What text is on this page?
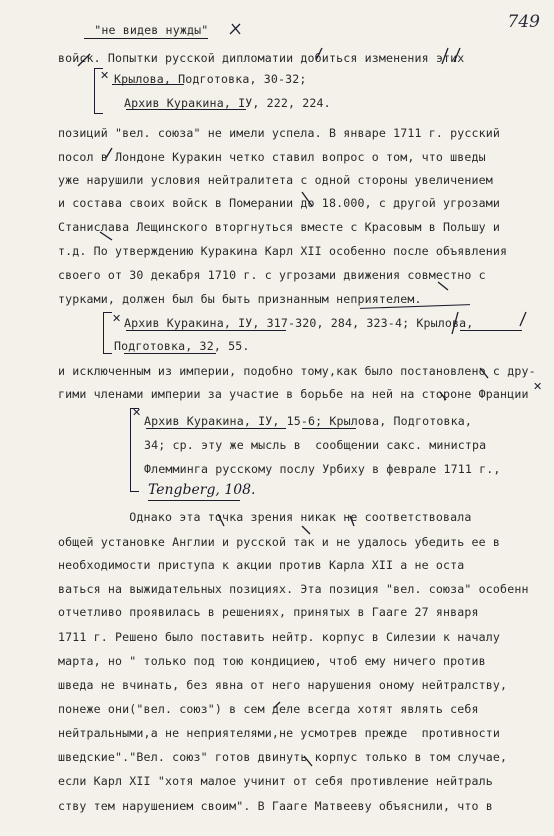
749
"не видев нужды"
войск. Попытки русской дипломатии добиться изменения этих
✕ Крылова, Подготовка, 30-32;
Архив Куракина, IУ, 222, 224.
позиций "вел. союза" не имели успела. В январе 1711 г. русский
посол в Лондоне Куракин четко ставил вопрос о том, что шведы
уже нарушили условия нейтралитета с одной стороны увеличением
и состава своих войск в Померании до 18.000, с другой угрозами
Станислава Лещинского вторгнуться вместе с Красовым в Польшу и
т.д. По утверждению Куракина Карл XII особенно после объявления
своего от 30 декабря 1710 г. с угрозами движения совместно с
турками, должен был бы быть признанным неприятелем.
✕ Архив Куракина, IУ, 317-320, 284, 323-4; Крылова,
Подготовка, 32, 55.
и исключенным из империи, подобно тому,как было постановлено с дру-
гими членами империи за участие в борьбе на ней на стороне Франции
✕
✕
Архив Куракина, IУ, 15-6; Крылова, Подготовка,
34; ср. эту же мысль в  сообщении сакс. министра
Флемминга русскому послу Урбиху в феврале 1711 г.,
Tengberg, 108.
Однако эта точка зрения никак не соответствовала
общей установке Англии и русской так и не удалось убедить ее в
необходимости приступа к акции против Карла XII а не оста
ваться на выжидательных позициях. Эта позиция "вел. союза" особенн
отчетливо проявилась в решениях, принятых в Гааге 27 января
1711 г. Решено было поставить нейтр. корпус в Силезии к началу
марта, но " только под тою кондициею, чтоб ему ничего против
шведа не вчинать, без явна от него нарушения оному нейтралству,
понеже они("вел. союз") в сем деле всегда хотят являть себя
нейтральными,а не неприятелями,не усмотрев прежде  противности
шведские"."Вел. союз" готов двинуть корпус только в том случае,
если Карл XII "хотя малое учинит от себя противление нейтраль
ству тем нарушением своим". В Гааге Матвееву объяснили, что в
